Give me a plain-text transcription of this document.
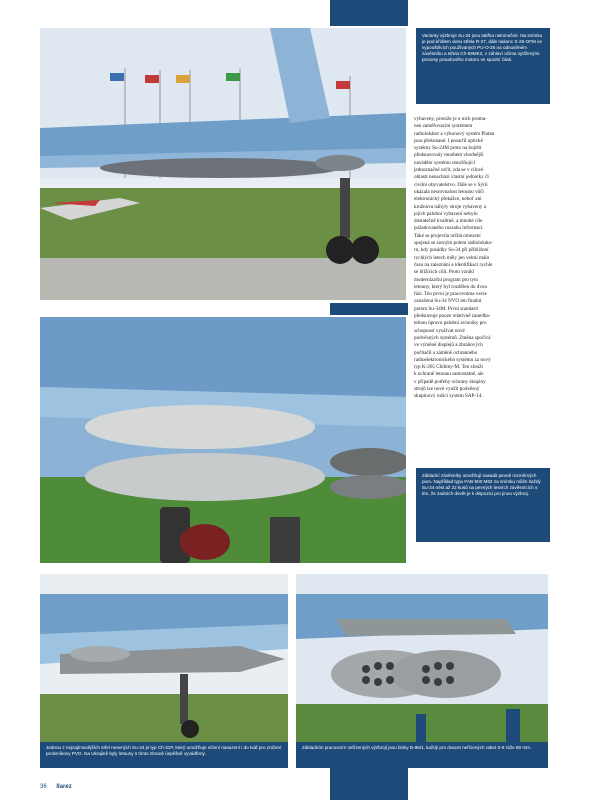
Varianty výzbroje Su-34 jsou takřka nekonečné. Na snímku je pod křídlem dvou střela R-27, dále nakonc S-25-OFM ve vypouštěcích používaných PU-O-25 na odnusěném závěsníku a střela Ch-59MK2, v záhlaví očima vytíženými procesy proudového motoru ve spodní části.
vybaveny, protože je u nich proma-
nen zaměřovacím systémem
radiolokátor a výkonový systém Platan
jsou překonané. I posaďil optické
systémy Su-24M proto na bojišti
představovaly mnohem vhodnější
navádění systému umožňující
jednoznačně určit, zda se v cílové
oblasti nenachází vlastní jednotky či
civilní obyvatelstvo. Dále se v Sýrii
ukázala nesrovnalost letounu vůči
elektronický překážce, neboť ani
kružnova náhyly stroje vybaveny a
jejich palubní vybavení nebylo
dostatečně kvalitně, a mnohé cíle
požadovaného rozsahu informací.
Také se projevila určitá omezení
spojená se zorným polem radiolokáto-
ru, kdy posádky Su-34 při přiblížení
rychlých letech měly jen velmi málo
času na zaleznání a identifikaci rychle
se blížících cílů. Proto vznikl
modernizační program pro tyto
letouny, který byl rozdělen do dvou
fází. Ten první je pracovníma verze
označená Su-34 NVO ten finální
potom Su-34M. První standard
představuje pouze relativně zanedba-
telnou úpravu palubní avioniky pro
schopnost využívat nové
podvěsných systémů. Změna spočívá
ve výměně displejů a zbraňových
počítačů a záměně ochranného
radioelektronického systému za nový
typ K-265 Chibiny-M. Ten slouží
k ochraně letounu samostatně, ale
v případě potřeby ochrany skupiny
strojů lze nové využít podvěsný
skupinový rušicí systém SAP-14.
Základní závěsníky umožňují nasadit pevně rozměrných pum. Například typu FAB-500 M62 na snímku může každý Su-34 nést až 22 kusů na pevných lesních závěsnících s tím, že zadních devět je k dispozici pro jinou výzbroj.
Jednou z nejzajímavějších střel nesených Su-34 je typ Ch-31P, který umožňuje ničení nasazení i do tvář pro zničení protivníkovy PVO. Na Ukrajině byly letouny s tímto zbraně úspěšně vyvádřeny.
Základním pracovním neřízených výzbrojí jsou bloky B-8M1, každý pro dvacet neřízených raket S-8 ráže 80 mm.
36 Ilarez
